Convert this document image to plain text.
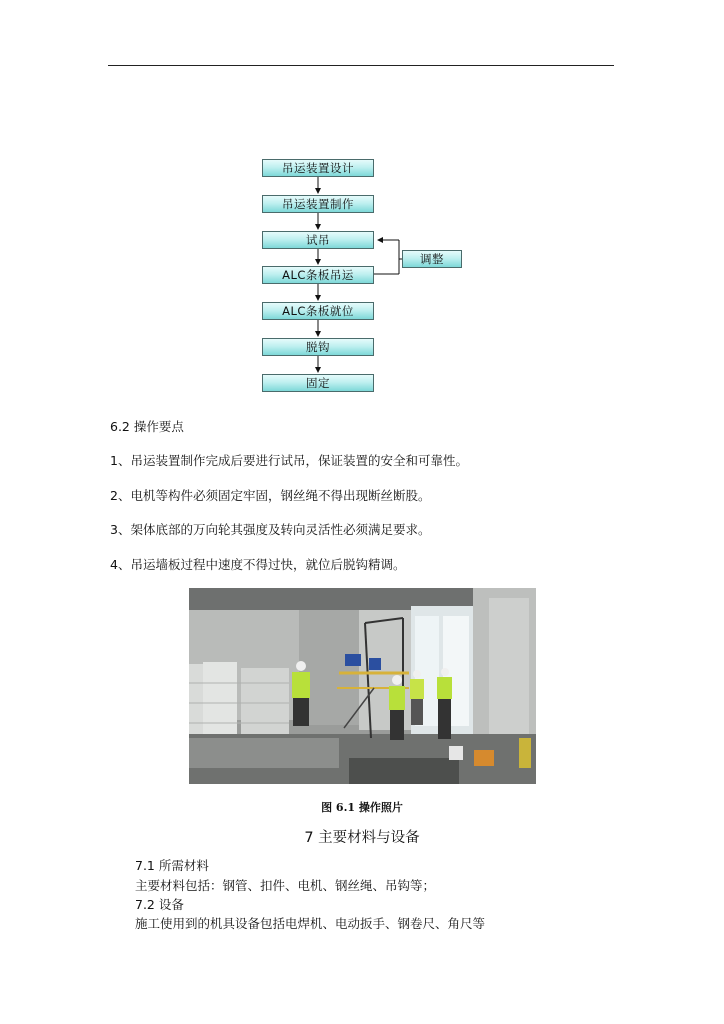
吊运装置设计
吊运装置制作
试吊
ALC条板吊运
ALC条板就位
脱钩
固定
调整
6.2 操作要点
1、吊运装置制作完成后要进行试吊，保证装置的安全和可靠性。
2、电机等构件必须固定牢固，钢丝绳不得出现断丝断股。
3、架体底部的万向轮其强度及转向灵活性必须满足要求。
4、吊运墙板过程中速度不得过快，就位后脱钩精调。
图 6.1 操作照片
7 主要材料与设备
7.1 所需材料
主要材料包括：钢管、扣件、电机、钢丝绳、吊钩等；
7.2 设备
施工使用到的机具设备包括电焊机、电动扳手、钢卷尺、角尺等
